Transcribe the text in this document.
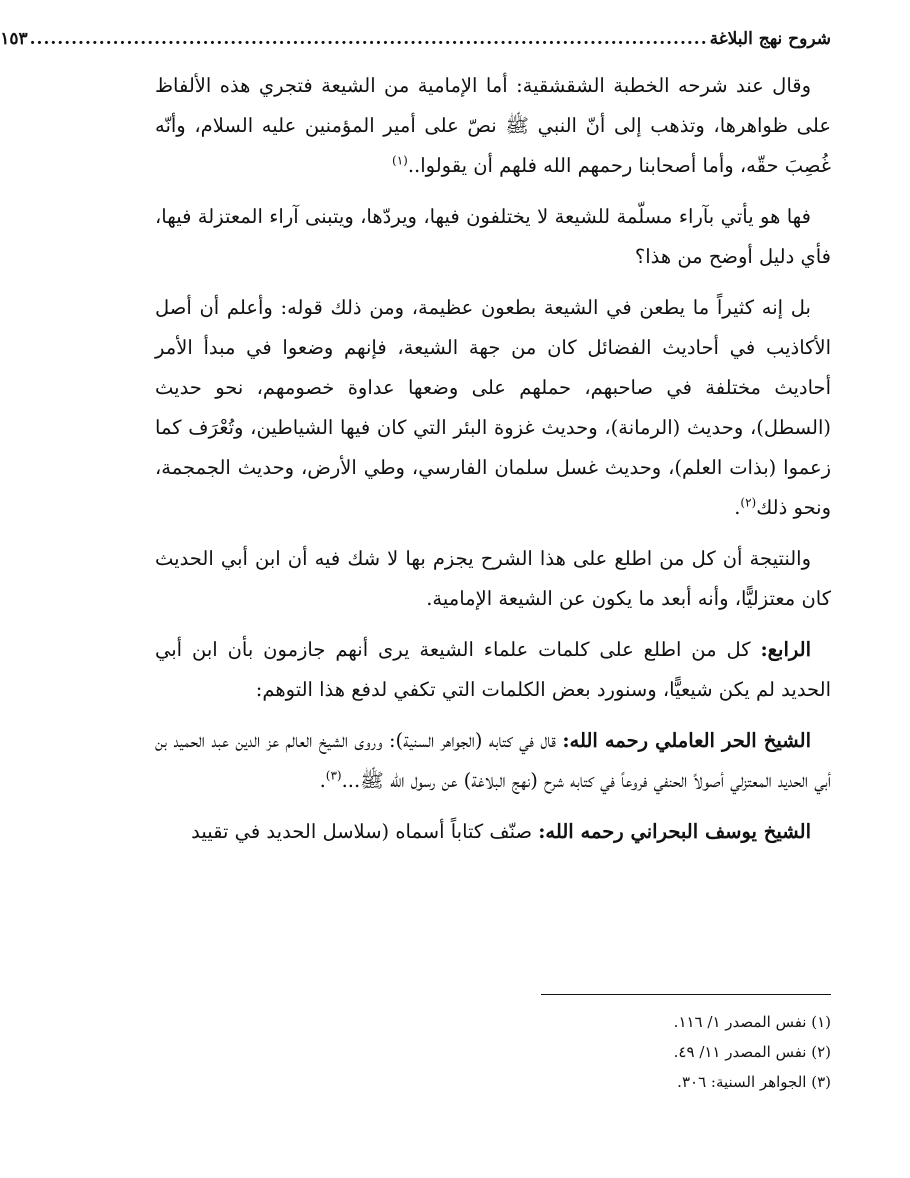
شروح نهج البلاغة
..................................................................................................
١٥٣

وقال عند شرحه الخطبة الشقشقية: أما الإمامية من الشيعة فتجري هذه الألفاظ على ظواهرها، وتذهب إلى أنّ النبي ﷺ نصّ على أمير المؤمنين عليه السلام، وأنّه غُصِبَ حقّه، وأما أصحابنا رحمهم الله فلهم أن يقولوا..$^{(١)}$

فها هو يأتي بآراء مسلّمة للشيعة لا يختلفون فيها، ويردّها، ويتبنى آراء المعتزلة فيها، فأي دليل أوضح من هذا؟

بل إنه كثيراً ما يطعن في الشيعة بطعون عظيمة، ومن ذلك قوله: وأعلم أن أصل الأكاذيب في أحاديث الفضائل كان من جهة الشيعة، فإنهم وضعوا في مبدأ الأمر أحاديث مختلفة في صاحبهم، حملهم على وضعها عداوة خصومهم، نحو حديث (السطل)، وحديث (الرمانة)، وحديث غزوة البئر التي كان فيها الشياطين، وتُعْرَف كما زعموا (بذات العلم)، وحديث غسل سلمان الفارسي، وطي الأرض، وحديث الجمجمة، ونحو ذلك$^{(٢)}$.

والنتيجة أن كل من اطلع على هذا الشرح يجزم بها لا شك فيه أن ابن أبي الحديث كان معتزليًّا، وأنه أبعد ما يكون عن الشيعة الإمامية.

الرابع: كل من اطلع على كلمات علماء الشيعة يرى أنهم جازمون بأن ابن أبي الحديد لم يكن شيعيًّا، وسنورد بعض الكلمات التي تكفي لدفع هذا التوهم:

الشيخ الحر العاملي رحمه الله: قال في كتابه (الجواهر السنية): وروى الشيخ العالم عز الدين عبد الحميد بن أبي الحديد المعتزلي أصولاً الحنفي فروعاً في كتابه شرح (نهج البلاغة) عن رسول الله ﷺ...$^{(٣)}$.

الشيخ يوسف البحراني رحمه الله: صنّف كتاباً أسماه (سلاسل الحديد في تقييد

(١) نفس المصدر ١/ ١١٦.
(٢) نفس المصدر ١١/ ٤٩.
(٣) الجواهر السنية: ٣٠٦.
